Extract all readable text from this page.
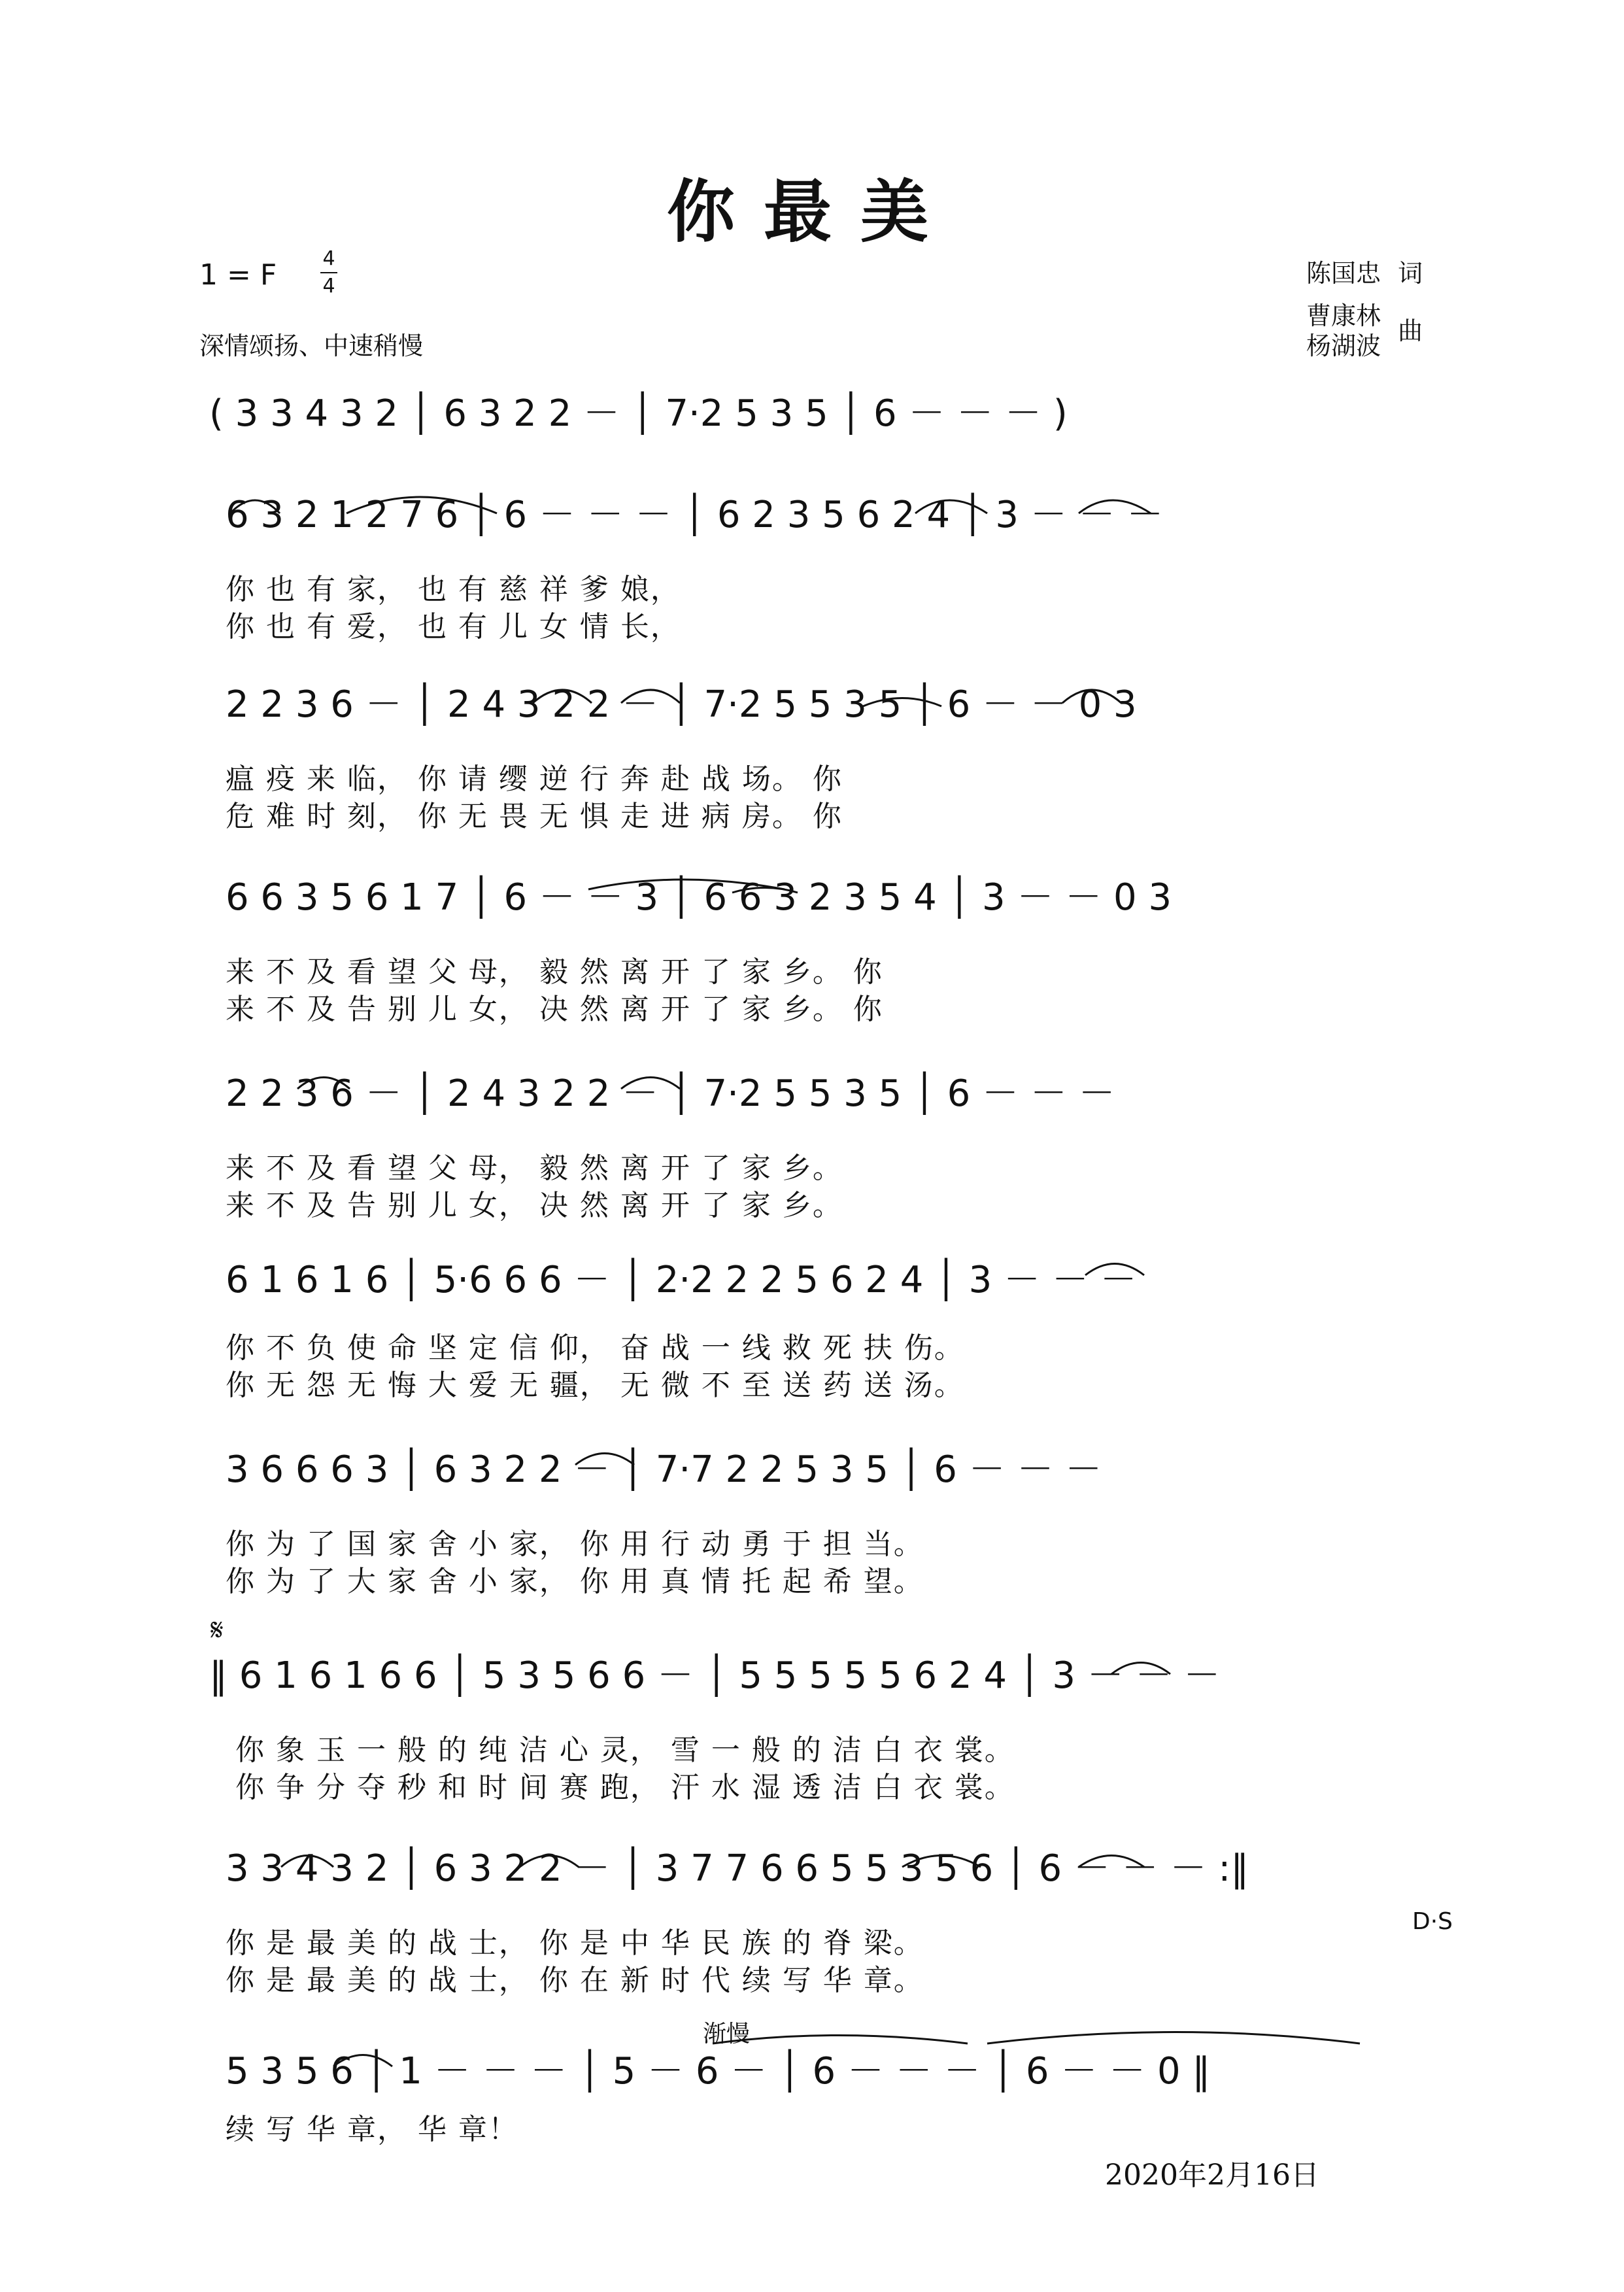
你最美
1 = F 4
4
深情颂扬、中速稍慢
陈国忠 词
曹康林
杨湖波
曲
( 3 3 4 3 2 │ 6 3 2 2 － │ 7·2 5 3 5 │ 6 － － － )
6 3 2 1 2 7 6 │ 6 － － － │ 6 2 3 5 6 2 4 │ 3 － － －
你 也 有 家， 也 有 慈 祥 爹 娘，
你 也 有 爱， 也 有 儿 女 情 长，
2 2 3 6 － │ 2 4 3 2 2 － │ 7·2 5 5 3 5 │ 6 － － 0 3
瘟 疫 来 临， 你 请 缨 逆 行 奔 赴 战 场。 你
危 难 时 刻， 你 无 畏 无 惧 走 进 病 房。 你
6 6 3 5 6 1 7 │ 6 － － 3 │ 6 6 3 2 3 5 4 │ 3 － － 0 3
来 不 及 看 望 父 母， 毅 然 离 开 了 家 乡。 你
来 不 及 告 别 儿 女， 决 然 离 开 了 家 乡。 你
2 2 3 6 － │ 2 4 3 2 2 － │ 7·2 5 5 3 5 │ 6 － － －
来 不 及 看 望 父 母， 毅 然 离 开 了 家 乡。
来 不 及 告 别 儿 女， 决 然 离 开 了 家 乡。
6 1 6 1 6 │ 5·6 6 6 － │ 2·2 2 2 5 6 2 4 │ 3 － － －
你 不 负 使 命 坚 定 信 仰， 奋 战 一 线 救 死 扶 伤。
你 无 怨 无 悔 大 爱 无 疆， 无 微 不 至 送 药 送 汤。
3 6 6 6 3 │ 6 3 2 2 － │ 7·7 2 2 5 3 5 │ 6 － － －
你 为 了 国 家 舍 小 家， 你 用 行 动 勇 于 担 当。
你 为 了 大 家 舍 小 家， 你 用 真 情 托 起 希 望。
𝄋
‖ 6 1 6 1 6 6 │ 5 3 5 6 6 － │ 5 5 5 5 5 6 2 4 │ 3 － － －
你 象 玉 一 般 的 纯 洁 心 灵， 雪 一 般 的 洁 白 衣 裳。
你 争 分 夺 秒 和 时 间 赛 跑， 汗 水 湿 透 洁 白 衣 裳。
3 3 4 3 2 │ 6 3 2 2 － │ 3 7 7 6 6 5 5 3 5 6 │ 6 － － － :‖
你 是 最 美 的 战 士， 你 是 中 华 民 族 的 脊 梁。
你 是 最 美 的 战 士， 你 在 新 时 代 续 写 华 章。
D·S
渐慢
5 3 5 6 │ 1 － － － │ 5 － 6 － │ 6 － － － │ 6 － － 0 ‖
续 写 华 章， 华 章！
2020年2月16日
